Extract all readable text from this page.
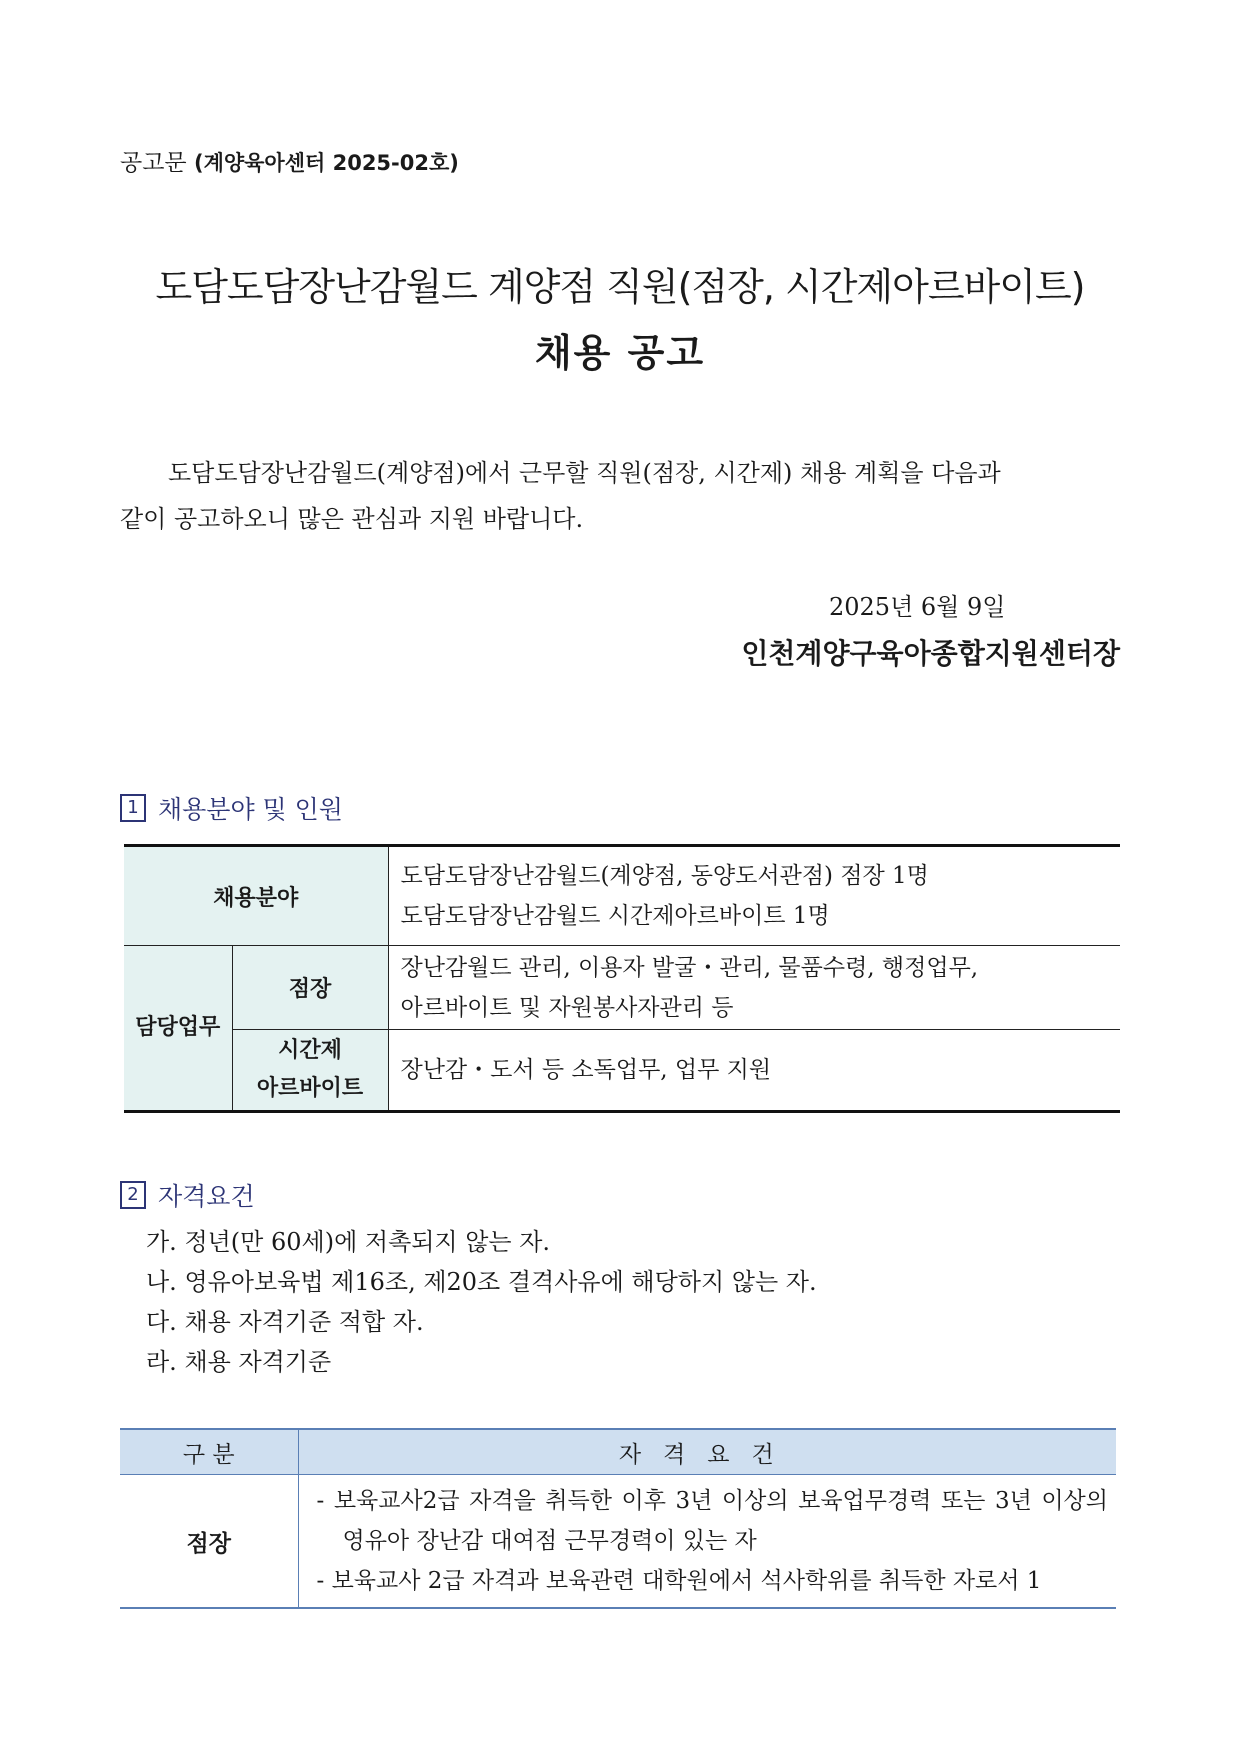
공고문 (계양육아센터 2025-02호)
도담도담장난감월드 계양점 직원(점장, 시간제아르바이트)
채용 공고
도담도담장난감월드(계양점)에서 근무할 직원(점장, 시간제) 채용 계획을 다음과
같이 공고하오니 많은 관심과 지원 바랍니다.
2025년 6월 9일
인천계양구육아종합지원센터장
1 채용분야 및 인원
채용분야		도담도담장난감월드(계양점, 동양도서관점) 점장 1명
도담도담장난감월드 시간제아르바이트 1명

담당업무	점장	장난감월드 관리, 이용자 발굴・관리, 물품수령, 행정업무,
아르바이트 및 자원봉사자관리 등

	시간제
아르바이트	장난감・도서 등 소독업무, 업무 지원
2 자격요건
가. 정년(만 60세)에 저촉되지 않는 자.
나. 영유아보육법 제16조, 제20조 결격사유에 해당하지 않는 자.
다. 채용 자격기준 적합 자.
라. 채용 자격기준
구 분	자격요건
점장	- 보육교사2급 자격을 취득한 이후 3년 이상의 보육업무경력 또는 3년 이상의 영유아 장난감 대여점 근무경력이 있는 자
- 보육교사 2급 자격과 보육관련 대학원에서 석사학위를 취득한 자로서 1
